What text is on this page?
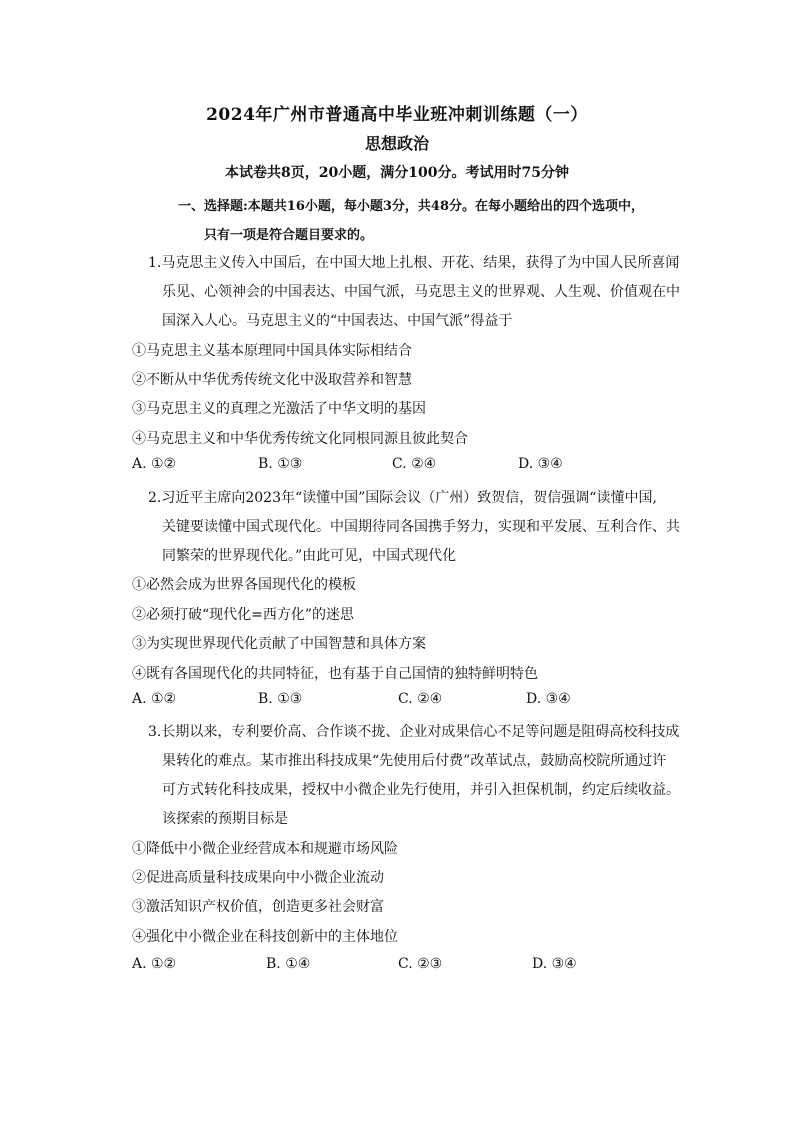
2024年广州市普通高中毕业班冲刺训练题（一）
思想政治
本试卷共8页，20小题，满分100分。考试用时75分钟
一、选择题:本题共16小题，每小题3分，共48分。在每小题给出的四个选项中，
只有一项是符合题目要求的。
1.马克思主义传入中国后，在中国大地上扎根、开花、结果，获得了为中国人民所喜闻
乐见、心领神会的中国表达、中国气派，马克思主义的世界观、人生观、价值观在中
国深入人心。马克思主义的“中国表达、中国气派”得益于
①马克思主义基本原理同中国具体实际相结合
②不断从中华优秀传统文化中汲取营养和智慧
③马克思主义的真理之光激活了中华文明的基因
④马克思主义和中华优秀传统文化同根同源且彼此契合
A. ①②	B. ①③	C. ②④	D. ③④
2.习近平主席向2023年“读懂中国”国际会议（广州）致贺信，贺信强调“读懂中国,
关键要读懂中国式现代化。中国期待同各国携手努力，实现和平发展、互利合作、共
同繁荣的世界现代化。”由此可见，中国式现代化
①必然会成为世界各国现代化的模板
②必须打破“现代化=西方化”的迷思
③为实现世界现代化贡献了中国智慧和具体方案
④既有各国现代化的共同特征，也有基于自己国情的独特鲜明特色
A. ①②	B. ①③	C. ②④	D. ③④
3.长期以来，专利要价高、合作谈不拢、企业对成果信心不足等问题是阻碍高校科技成
果转化的难点。某市推出科技成果“先使用后付费”改革试点，鼓励高校院所通过许
可方式转化科技成果，授权中小微企业先行使用，并引入担保机制，约定后续收益。
该探索的预期目标是
①降低中小微企业经营成本和规避市场风险
②促进高质量科技成果向中小微企业流动
③激活知识产权价值，创造更多社会财富
④强化中小微企业在科技创新中的主体地位
A. ①②	B. ①④	C. ②③	D. ③④
